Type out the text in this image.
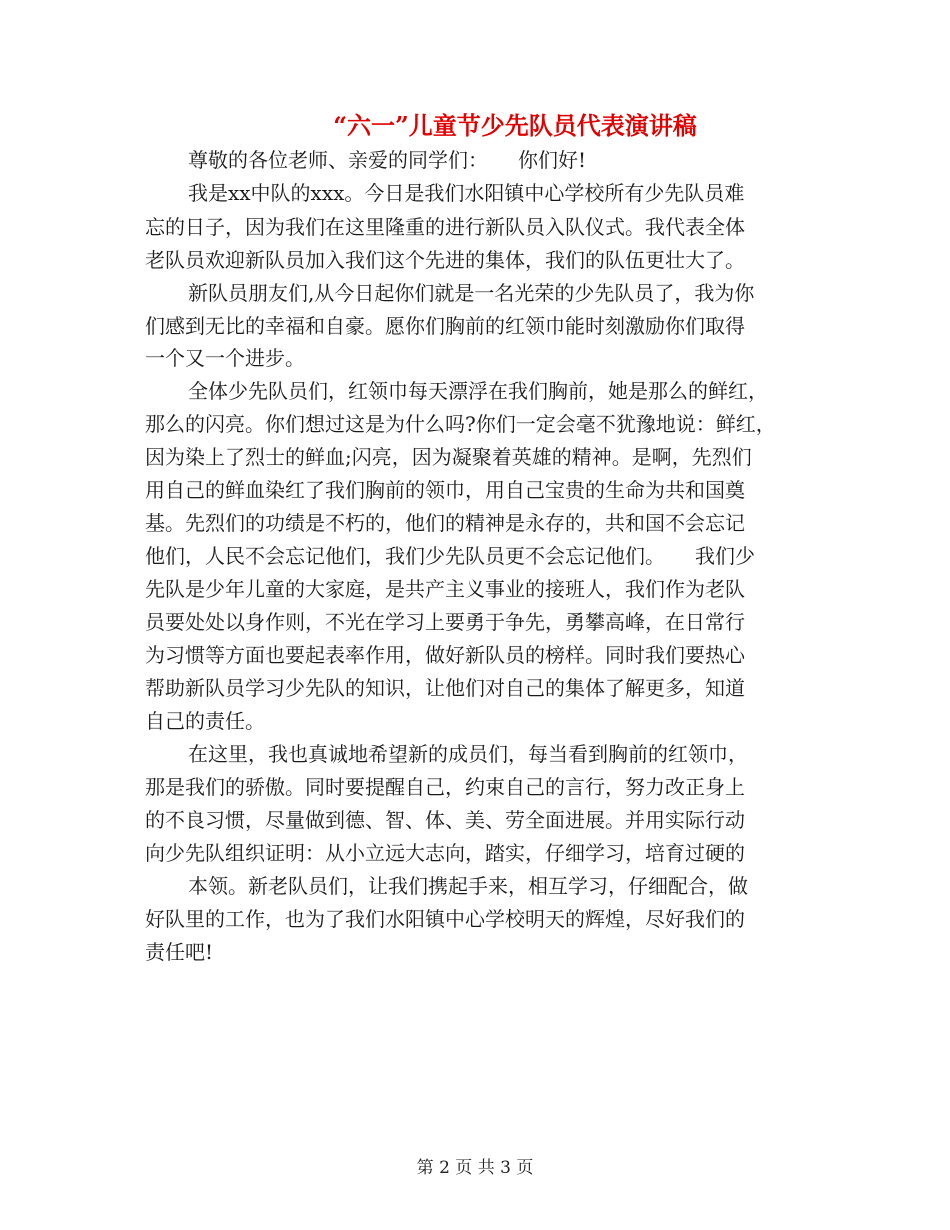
“六一”儿童节少先队员代表演讲稿
尊敬的各位老师、亲爱的同学们：　　你们好!
我是xx中队的xxx。今日是我们水阳镇中心学校所有少先队员难
忘的日子，因为我们在这里隆重的进行新队员入队仪式。我代表全体
老队员欢迎新队员加入我们这个先进的集体，我们的队伍更壮大了。
新队员朋友们,从今日起你们就是一名光荣的少先队员了，我为你
们感到无比的幸福和自豪。愿你们胸前的红领巾能时刻激励你们取得
一个又一个进步。
全体少先队员们，红领巾每天漂浮在我们胸前，她是那么的鲜红，
那么的闪亮。你们想过这是为什么吗?你们一定会毫不犹豫地说：鲜红，
因为染上了烈士的鲜血;闪亮，因为凝聚着英雄的精神。是啊，先烈们
用自己的鲜血染红了我们胸前的领巾，用自己宝贵的生命为共和国奠
基。先烈们的功绩是不朽的，他们的精神是永存的，共和国不会忘记
他们，人民不会忘记他们，我们少先队员更不会忘记他们。　　我们少
先队是少年儿童的大家庭，是共产主义事业的接班人，我们作为老队
员要处处以身作则，不光在学习上要勇于争先，勇攀高峰，在日常行
为习惯等方面也要起表率作用，做好新队员的榜样。同时我们要热心
帮助新队员学习少先队的知识，让他们对自己的集体了解更多，知道
自己的责任。
在这里，我也真诚地希望新的成员们，每当看到胸前的红领巾，
那是我们的骄傲。同时要提醒自己，约束自己的言行，努力改正身上
的不良习惯，尽量做到德、智、体、美、劳全面进展。并用实际行动
向少先队组织证明：从小立远大志向，踏实，仔细学习，培育过硬的
本领。新老队员们，让我们携起手来，相互学习，仔细配合，做
好队里的工作，也为了我们水阳镇中心学校明天的辉煌，尽好我们的
责任吧!
第 2 页 共 3 页
